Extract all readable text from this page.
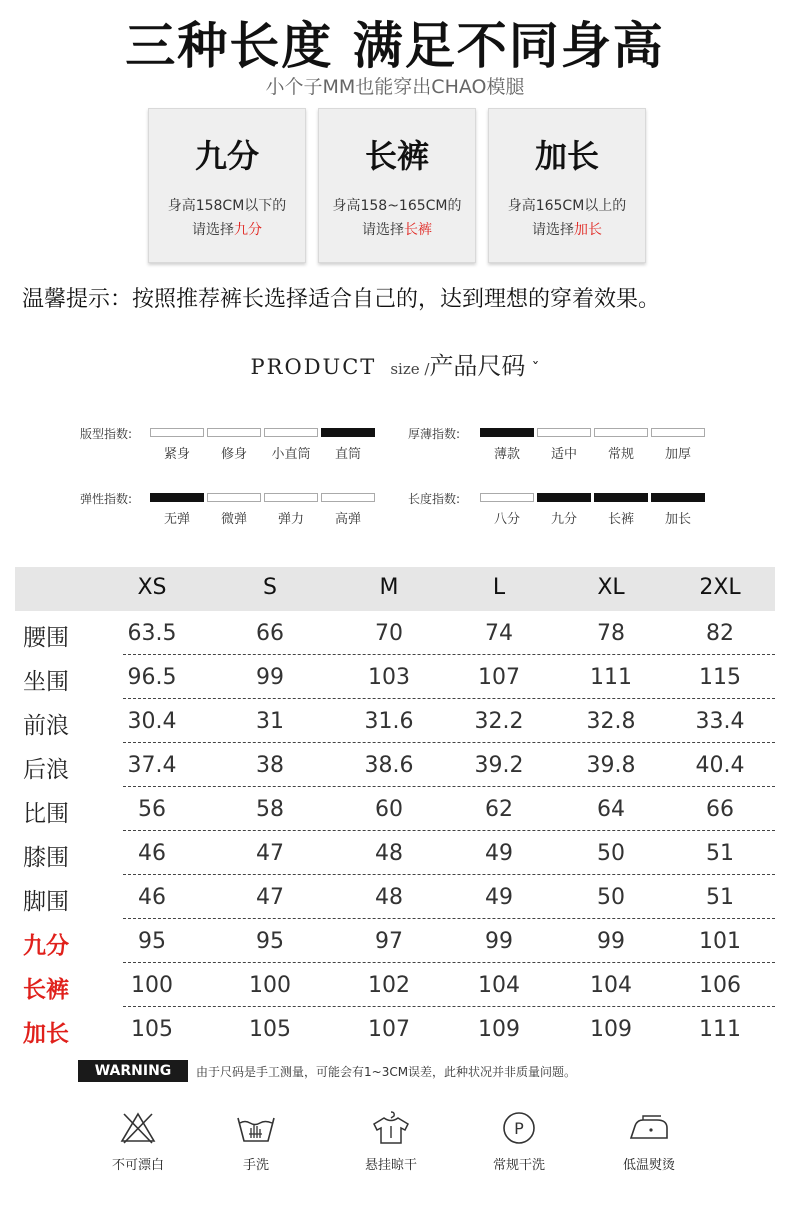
三种长度 满足不同身高
小个子MM也能穿出CHAO模腿
九分
身高158CM以下的
请选择九分
长裤
身高158~165CM的
请选择长裤
加长
身高165CM以上的
请选择加长
温馨提示：按照推荐裤长选择适合自己的，达到理想的穿着效果。
PRODUCT size /产品尺码 ˇ
版型指数:
紧身	修身	小直筒	直筒
厚薄指数:
薄款	适中	常规	加厚
弹性指数:
无弹	微弹	弹力	高弹
长度指数:
八分	九分	长裤	加长
XS	S	M	L	XL	2XL
腰围	63.5	66	70	74	78	82
坐围	96.5	99	103	107	111	115
前浪	30.4	31	31.6	32.2	32.8	33.4
后浪	37.4	38	38.6	39.2	39.8	40.4
比围	56	58	60	62	64	66
膝围	46	47	48	49	50	51
脚围	46	47	48	49	50	51
九分	95	95	97	99	99	101
长裤	100	100	102	104	104	106
加长	105	105	107	109	109	111
WARNING	由于尺码是手工测量，可能会有1~3CM误差，此种状况并非质量问题。
不可漂白	手洗	悬挂晾干
P
常规干洗	低温熨烫
